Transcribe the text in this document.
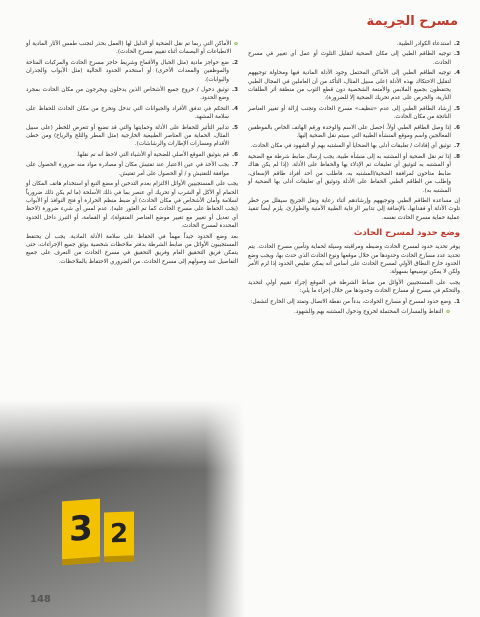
مسرح الجريمة
2.
استدعاء الكوادر الطبية.
3.
توجيه الطاقم الطبي إلى مكان الضحية لتقليل التلوث أو عمل أي تغيير في مسرح الحادث.
4.
توجيه الطاقم الطبي إلى الأماكن المحتمل وجود الأدلة المادية فيها ومحاولة توجيههم لتقليل الاحتكاك بهذه الأدلة (على سبيل المثال، التأكد من أن العاملين في المجال الطبي يحتفظون بجميع الملابس والأمتعة الشخصية دون قطع الثوب من منطقة أثر الطلقات النارية، والحرص على عدم تحريك الضحية إلا للضرورة).
5.
إرشاد الطاقم الطبي إلى عدم «تنظيف» مسرح الحادث وتجنب إزالة أو تغيير العناصر الناتجة من مكان الحادث.
6.
إذا وصل الطاقم الطبي أولاً، احصل على الاسم والوحدة ورقم الهاتف الخاص بالموظفين المعالجين واسم وموقع المنشأة الطبية التي سيتم نقل الضحية إليها.
7.
توثيق أي إفادات / تعليقات أدلى بها الضحايا أو المشتبه بهم أو الشهود في مكان الحادث.
8.
إذا تم نقل الضحية أو المشتبه به إلى منشأة طبية، يجب إرسال ضابط شرطة مع الضحية أو المشتبه به لتوثيق أي تعليقات تم الإدلاء بها والحفاظ على الأدلة. (إذا لم يكن هناك ضابط متاحون لمرافقة الضحية/المشتبه به، فاطلب من أحد أفراد طاقم الإسعاف، وإطلب من الطاقم الطبي الحفاظ على الأدلة وتوثيق أي تعليقات أدلى بها الضحية أو المشتبه به).

إن مساعدة الطاقم الطبي وتوجيههم وإرشادهم أثناء رعاية ونقل الجريح سيقلل من خطر تلوث الأدلة أو فقدانها، بالإضافة إلى تدابير الرعاية الطبية الأمنية والطوارئ، يلزم أيضاً تنفيذ عملية حماية مسرح الحادث نفسه.

وضع حدود لمسرح الحادث

يوفر تحديد حدود لمسرح الحادث وضبطه ومراقبته وسيلة لحماية وتأمين مسرح الحادث. يتم تحديد عدد مسارح الحادث وحدودها من خلال موقعها ونوع الحادث الذي حدث بها، ويجب وضع الحدود خارج النطاق الأولي لمسرح الحادث على أساس أنه يمكن تقليص الحدود إذا لزم الأمر ولكن لا يمكن توسيعها بسهولة.

يجب على المستجيبين الأوائل من ضباط الشرطة في الموقع إجراء تقييم أولي لتحديد والتحكم في مسرح أو مسارح الحادث وحدودها من خلال إجراء ما يلي:

1.
وضع حدود لمسرح أو مسارح الحوادث، بدءاً من نقطة الاتصال وتمتد إلى الخارج لتشمل:
o
النقاط والمسارات المحتملة لخروج ودخول المشتبه بهم والشهود.
o
الأماكن التي ربما تم نقل الضحية أو الدليل لها (العمل بحذر لتجنب طمس الآثار المادية أو الانطباعات أو البصمات أثناء تقييم مسرح الحادث).
2.
ضع حواجز مادية (مثل الحبال والأقماع وشريط حاجز مسرح الحادث والمركبات المتاحة والموظفين والمعدات الأخرى) أو استخدم الحدود الحالية (مثل الأبواب والجدران والبوابات).
3.
توثيق دخول / خروج جميع الأشخاص الذين يدخلون ويخرجون من مكان الحادث بمجرد وضع الحدود.
4.
التحكم في تدفق الأفراد والحيوانات التي تدخل وتخرج من مكان الحادث للحفاظ على سلامة المشهد.
5.
تدابير التأثير للحفاظ على الأدلة وحمايتها والتي قد تضيع أو تتعرض للخطر (على سبيل المثال، الحماية من العناصر الطبيعية الخارجية (مثل المطر والثلج والرياح) ومن خطى الأقدام ومسارات الإطارات والرشاشات).
6.
قم بتوثيق الموقع الأصلي للضحية أو الأشياء التي لاحظ أنه تم نقلها.
7.
يجب الأخذ في عين الاعتبار عند تفتيش مكان أو مصادرة مواد منه ضرورة الحصول على موافقة للتفتيش و / أو الحصول على أمر تفتيش.

يجب على المستجيبين الأوائل الالتزام بعدم التدخين أو مضغ التبغ أو استخدام هاتف المكان أو الحمام أو الأكل أو الشرب أو تحريك أي عنصر بما في ذلك الأسلحة (ما لم يكن ذلك ضرورياً لسلامة وأمان الأشخاص في مكان الحادث) أو ضبط منظم الحرارة أو فتح النوافذ أو الأبواب (يجب الحفاظ على مسرح الحادث كما تم العثور عليه). عدم لمس أي شيء ضرورة (لاحظ أي تعديل أو تغيير مع تغيير موضع العناصر المنقولة)، أو القمامة، أو التبرز داخل الحدود المحددة لمسرح الحادث.

بعد وضع الحدود جيداً مهماً في الحفاظ على سلامة الأدلة المادية. يجب أن يحتفظ المستجيبون الأوائل من ضابط الشرطة بدفتر ملاحظات شخصية يوثق جميع الإجراءات، حتى يتمكن فريق التحقيق العام وفريق التحقيق في مسرح الحادث من التعرف على جميع التفاصيل عند وصولهم إلى مسرح الحادث. من الضروري الاحتفاظ بالملاحظات.

3 2
148
